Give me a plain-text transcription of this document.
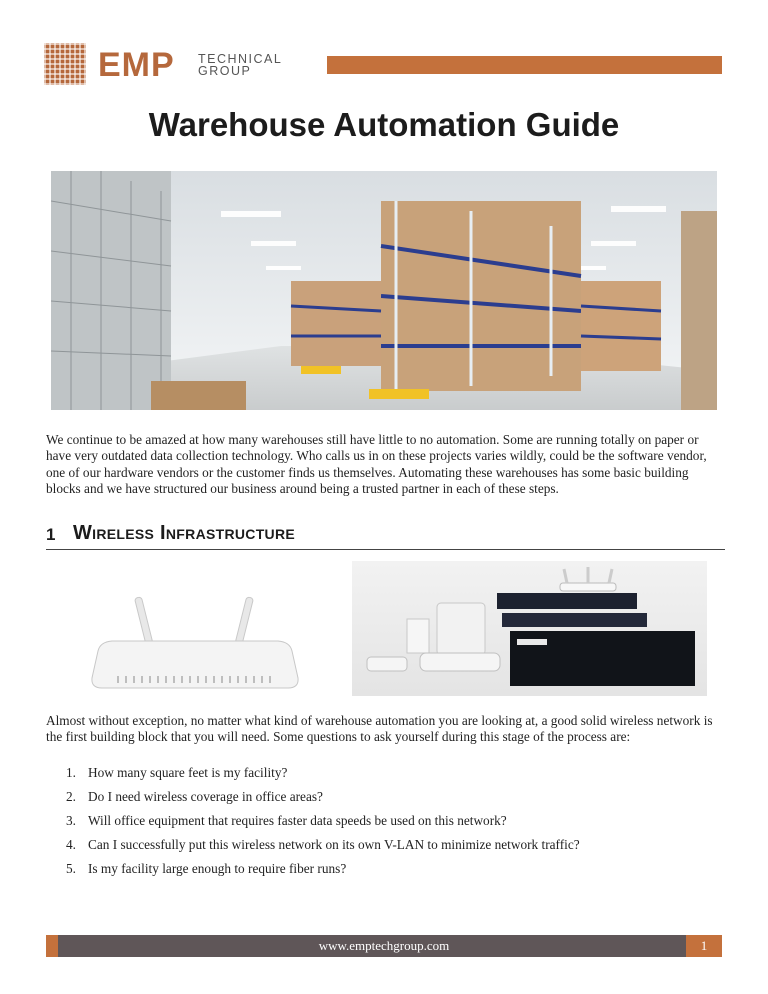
EMP TECHNICAL
GROUP
Warehouse Automation Guide
We continue to be amazed at how many warehouses still have little to no automation. Some are running totally on paper or have very outdated data collection technology. Who calls us in on these projects varies wildly, could be the software vendor, one of our hardware vendors or the customer finds us themselves. Automating these warehouses has some basic building blocks and we have structured our business around being a trusted partner in each of these steps.
1 Wireless Infrastructure
Almost without exception, no matter what kind of warehouse automation you are looking at, a good solid wireless network is the first building block that you will need. Some questions to ask yourself during this stage of the process are:
1. How many square feet is my facility?
2. Do I need wireless coverage in office areas?
3. Will office equipment that requires faster data speeds be used on this network?
4. Can I successfully put this wireless network on its own V-LAN to minimize network traffic?
5. Is my facility large enough to require fiber runs?
www.emptechgroup.com	1
